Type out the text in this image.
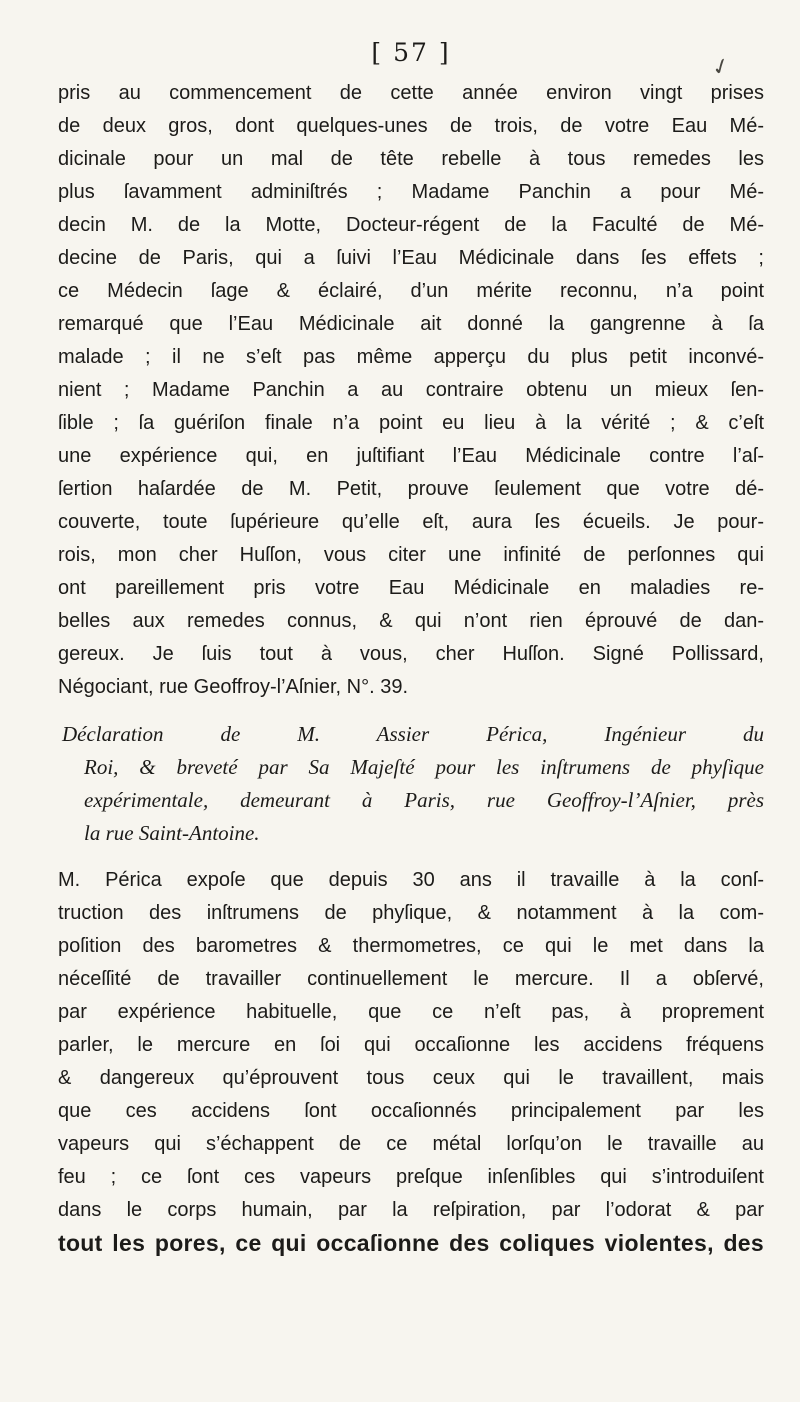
✓
[ 57 ]
pris au commencement de cette année environ vingt prises
de deux gros, dont quelques-unes de trois, de votre Eau Mé-
dicinale pour un mal de tête rebelle à tous remedes les
plus ſavamment adminiſtrés ; Madame Panchin a pour Mé-
decin M. de la Motte, Docteur-régent de la Faculté de Mé-
decine de Paris, qui a ſuivi l’Eau Médicinale dans ſes effets ;
ce Médecin ſage & éclairé, d’un mérite reconnu, n’a point
remarqué que l’Eau Médicinale ait donné la gangrenne à ſa
malade ; il ne s’eſt pas même apperçu du plus petit inconvé-
nient ; Madame Panchin a au contraire obtenu un mieux ſen-
ſible ; ſa guériſon finale n’a point eu lieu à la vérité ; & c’eſt
une expérience qui, en juſtifiant l’Eau Médicinale contre l’aſ-
ſertion haſardée de M. Petit, prouve ſeulement que votre dé-
couverte, toute ſupérieure qu’elle eſt, aura ſes écueils. Je pour-
rois, mon cher Huſſon, vous citer une infinité de perſonnes qui
ont pareillement pris votre Eau Médicinale en maladies re-
belles aux remedes connus, & qui n’ont rien éprouvé de dan-
gereux. Je ſuis tout à vous, cher Huſſon. Signé Pollissard,
Négociant, rue Geoffroy-l’Aſnier, N°. 39.
Déclaration de M. Assier Périca, Ingénieur du
Roi, & breveté par Sa Majeſté pour les inſtrumens de phyſique
expérimentale, demeurant à Paris, rue Geoffroy-l’Aſnier, près
la rue Saint-Antoine.
M. Périca expoſe que depuis 30 ans il travaille à la conſ-
truction des inſtrumens de phyſique, & notamment à la com-
poſition des barometres & thermometres, ce qui le met dans la
néceſſité de travailler continuellement le mercure. Il a obſervé,
par expérience habituelle, que ce n’eſt pas, à proprement
parler, le mercure en ſoi qui occaſionne les accidens fréquens
& dangereux qu’éprouvent tous ceux qui le travaillent, mais
que ces accidens ſont occaſionnés principalement par les
vapeurs qui s’échappent de ce métal lorſqu’on le travaille au
feu ; ce ſont ces vapeurs preſque inſenſibles qui s’introduiſent
dans le corps humain, par la reſpiration, par l’odorat & par
tout les pores, ce qui occaſionne des coliques violentes, des
